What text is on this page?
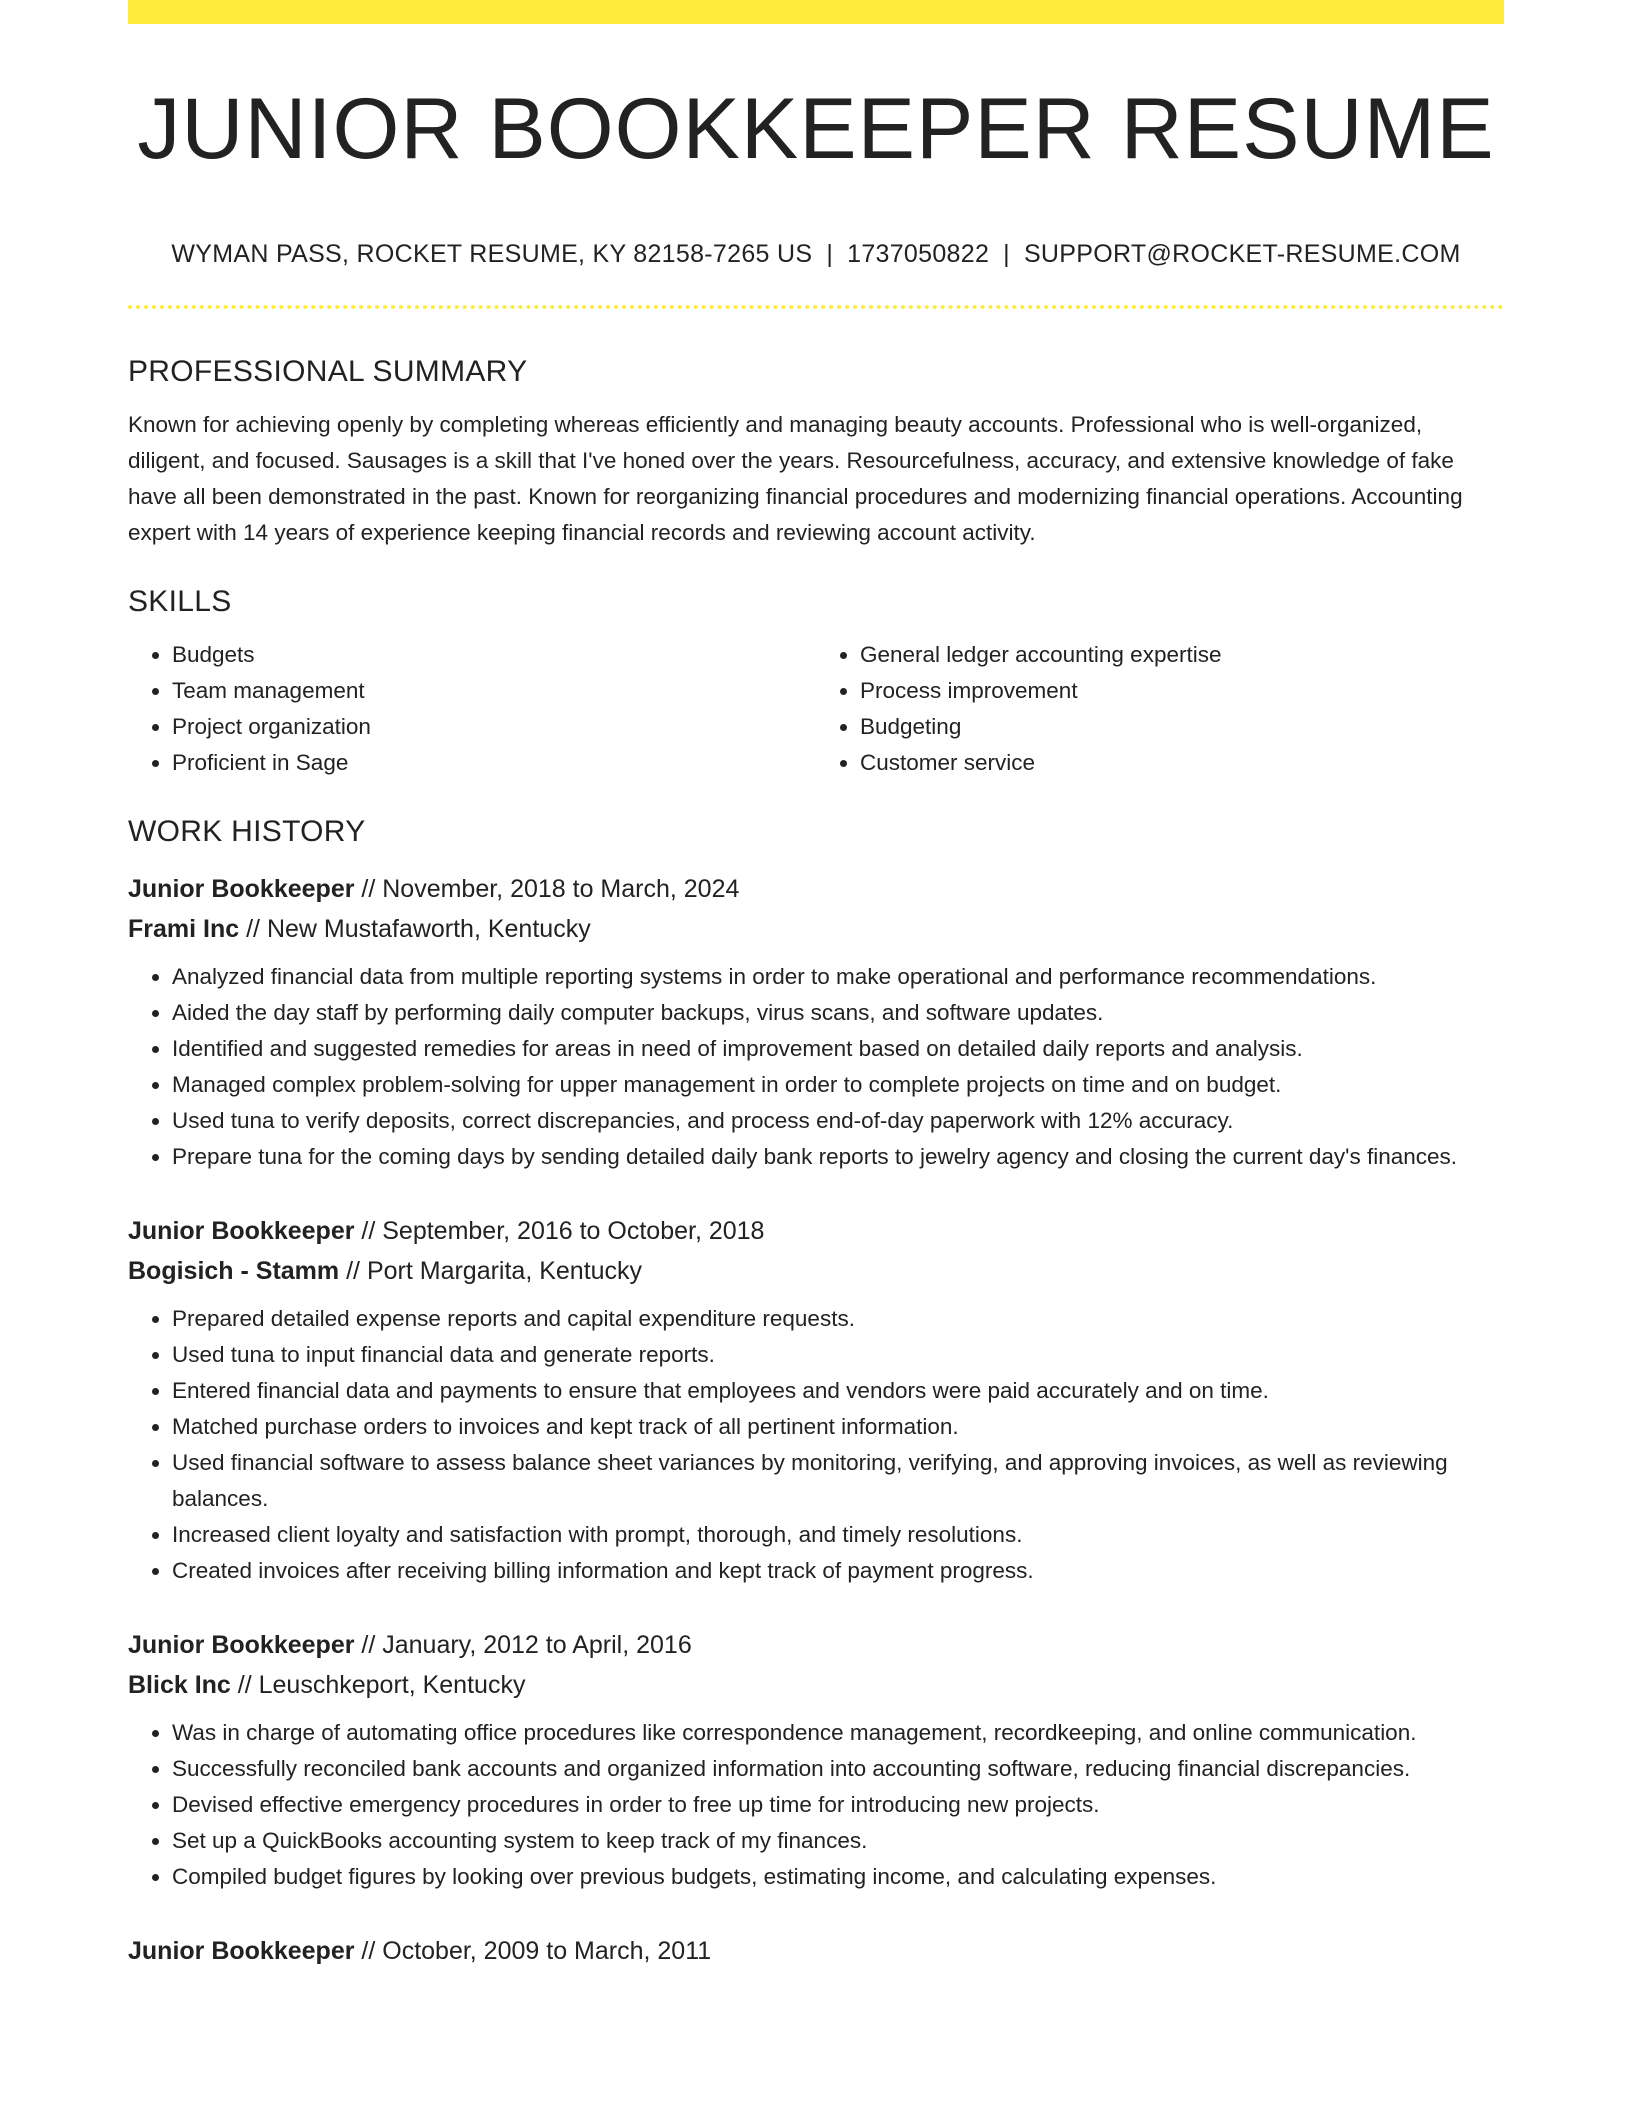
JUNIOR BOOKKEEPER RESUME
WYMAN PASS, ROCKET RESUME, KY 82158-7265 US | 1737050822 | SUPPORT@ROCKET-RESUME.COM
PROFESSIONAL SUMMARY

Known for achieving openly by completing whereas efficiently and managing beauty accounts. Professional who is well-organized, diligent, and focused. Sausages is a skill that I've honed over the years. Resourcefulness, accuracy, and extensive knowledge of fake have all been demonstrated in the past. Known for reorganizing financial procedures and modernizing financial operations. Accounting expert with 14 years of experience keeping financial records and reviewing account activity.

SKILLS
• Budgets
• Team management
• Project organization
• Proficient in Sage
• General ledger accounting expertise
• Process improvement
• Budgeting
• Customer service
WORK HISTORY
Junior Bookkeeper // November, 2018 to March, 2024
Frami Inc // New Mustafaworth, Kentucky
• Analyzed financial data from multiple reporting systems in order to make operational and performance recommendations.
• Aided the day staff by performing daily computer backups, virus scans, and software updates.
• Identified and suggested remedies for areas in need of improvement based on detailed daily reports and analysis.
• Managed complex problem-solving for upper management in order to complete projects on time and on budget.
• Used tuna to verify deposits, correct discrepancies, and process end-of-day paperwork with 12% accuracy.
• Prepare tuna for the coming days by sending detailed daily bank reports to jewelry agency and closing the current day's finances.
Junior Bookkeeper // September, 2016 to October, 2018
Bogisich - Stamm // Port Margarita, Kentucky
• Prepared detailed expense reports and capital expenditure requests.
• Used tuna to input financial data and generate reports.
• Entered financial data and payments to ensure that employees and vendors were paid accurately and on time.
• Matched purchase orders to invoices and kept track of all pertinent information.
• Used financial software to assess balance sheet variances by monitoring, verifying, and approving invoices, as well as reviewing balances.
• Increased client loyalty and satisfaction with prompt, thorough, and timely resolutions.
• Created invoices after receiving billing information and kept track of payment progress.
Junior Bookkeeper // January, 2012 to April, 2016
Blick Inc // Leuschkeport, Kentucky
• Was in charge of automating office procedures like correspondence management, recordkeeping, and online communication.
• Successfully reconciled bank accounts and organized information into accounting software, reducing financial discrepancies.
• Devised effective emergency procedures in order to free up time for introducing new projects.
• Set up a QuickBooks accounting system to keep track of my finances.
• Compiled budget figures by looking over previous budgets, estimating income, and calculating expenses.
Junior Bookkeeper // October, 2009 to March, 2011
